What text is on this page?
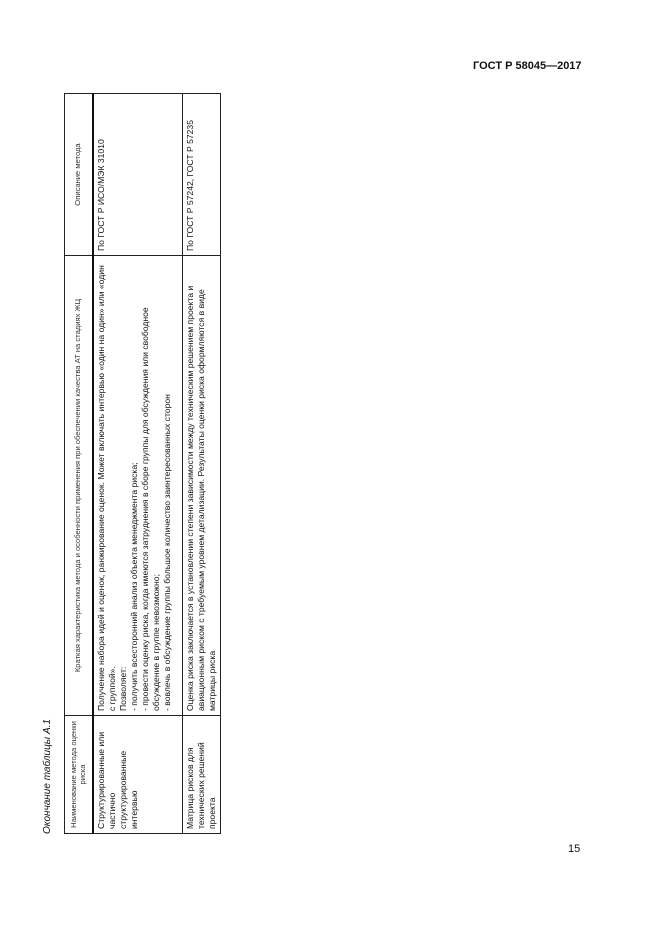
ГОСТ Р 58045—2017
Окончание таблицы А.1 Наименование метода оценки риска	Краткая характеристика метода и особенности применения при обеспечении качества АТ на стадиях ЖЦ	Описание метода
Структурированные или частично структурированные интервью	Получение набора идей и оценок, ранжирование оценок. Может включать интервью «один на один» или «один с группой». Позволяет: - получить всесторонний анализ объекта менеджмента риска; - провести оценку риска, когда имеются затруднения в сборе группы для обсуждения или свободное обсуждение в группе невозможно; - вовлечь в обсуждение группы большое количество заинтересованных сторон	По ГОСТ Р ИСО/МЭК 31010
Матрица рисков для технических решений проекта	Оценка риска заключается в установлении степени зависимости между техническим решением проекта и авиационным риском с требуемым уровнем детализации. Результаты оценки риска оформляются в виде матрицы риска	По ГОСТ Р 57242, ГОСТ Р 57235
15
